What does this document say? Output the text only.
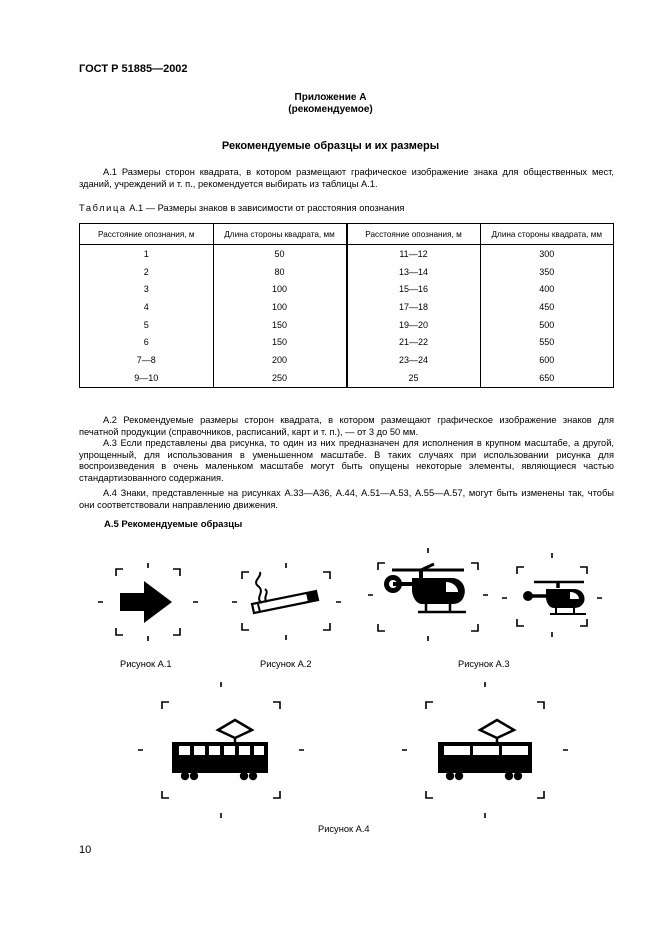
ГОСТ Р 51885—2002
Приложение А
(рекомендуемое)
Рекомендуемые образцы и их размеры
А.1 Размеры сторон квадрата, в котором размещают графическое изображение знака для общественных мест, зданий, учреждений и т. п., рекомендуется выбирать из таблицы А.1.
Таблица А.1 — Размеры знаков в зависимости от расстояния опознания
Расстояние опознания, м	Длина стороны квадрата, мм	Расстояние опознания, м	Длина стороны квадрата, мм
1	50	11—12	300
2	80	13—14	350
3	100	15—16	400
4	100	17—18	450
5	150	19—20	500
6	150	21—22	550
7—8	200	23—24	600
9—10	250	25	650
А.2 Рекомендуемые размеры сторон квадрата, в котором размещают графическое изображение знаков для печатной продукции (справочников, расписаний, карт и т. п.), — от 3 до 50 мм.
А.3 Если представлены два рисунка, то один из них предназначен для исполнения в крупном масштабе, а другой, упрощенный, для использования в уменьшенном масштабе. В таких случаях при использовании рисунка для воспроизведения в очень маленьком масштабе могут быть опущены некоторые элементы, являющиеся частью стандартизованного содержания.
А.4 Знаки, представленные на рисунках А.33—А36, А.44, А.51—А.53, А.55—А.57, могут быть изменены так, чтобы они соответствовали направлению движения.
А.5 Рекомендуемые образцы
Рисунок А.1	Рисунок А.2	Рисунок А.3
Рисунок А.4
10
